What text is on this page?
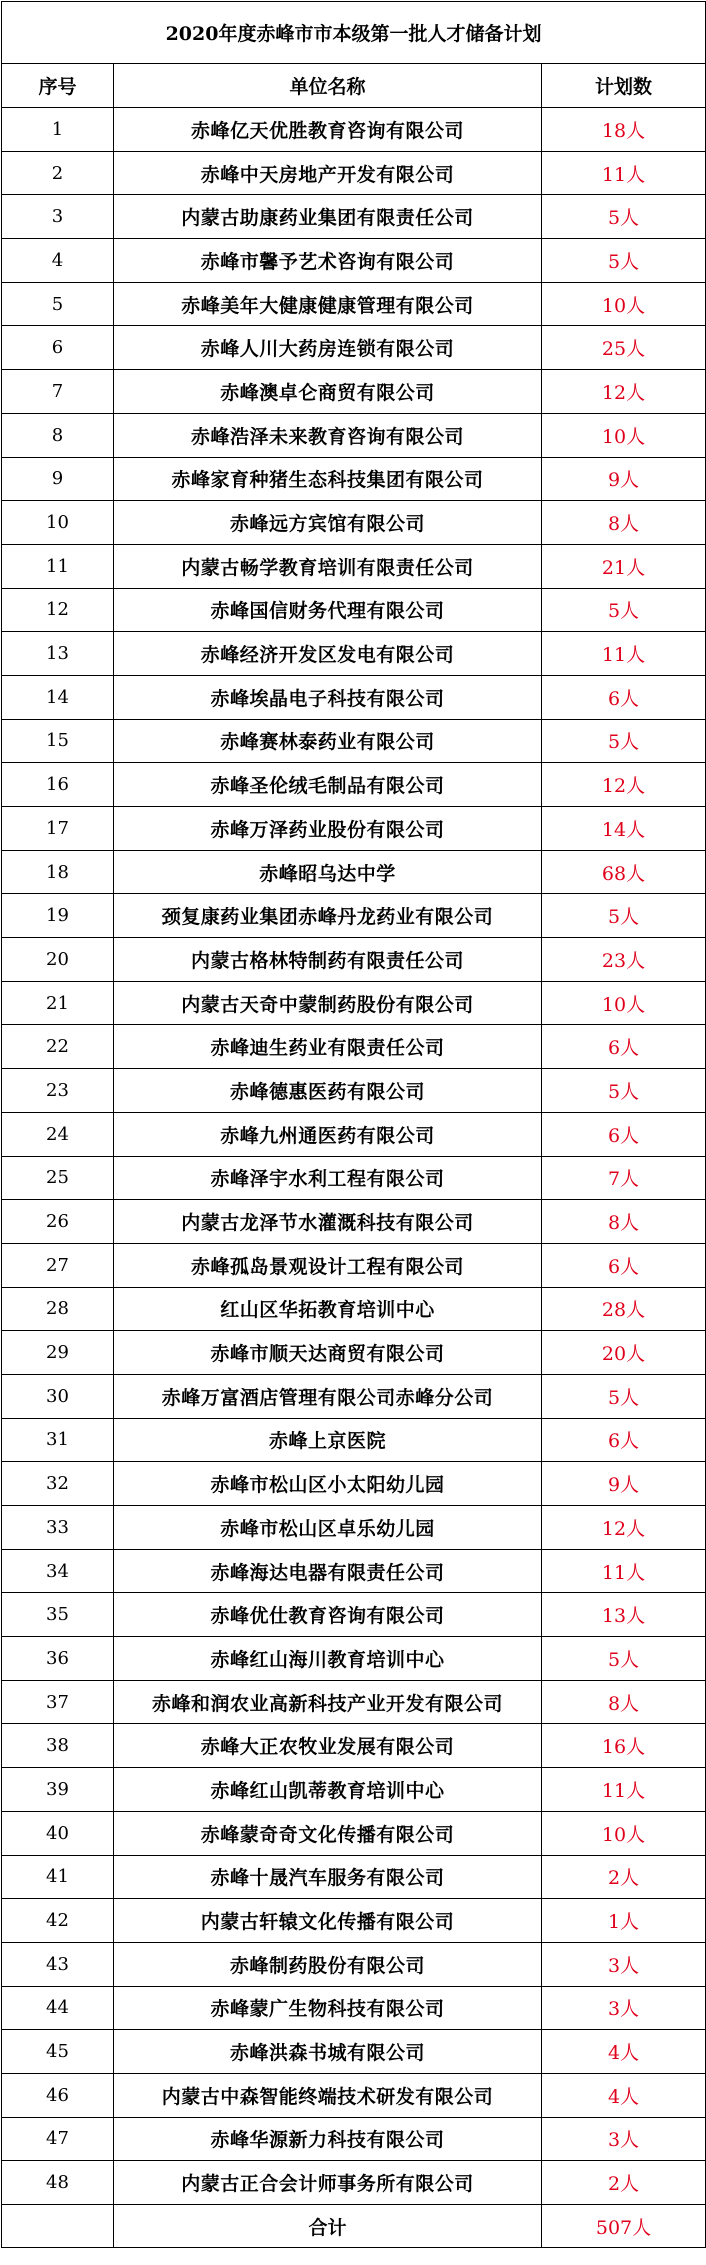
2020年度赤峰市市本级第一批人才储备计划		
序号	单位名称	计划数
1	赤峰亿天优胜教育咨询有限公司	18人
2	赤峰中天房地产开发有限公司	11人
3	内蒙古助康药业集团有限责任公司	5人
4	赤峰市馨予艺术咨询有限公司	5人
5	赤峰美年大健康健康管理有限公司	10人
6	赤峰人川大药房连锁有限公司	25人
7	赤峰澳卓仑商贸有限公司	12人
8	赤峰浩泽未来教育咨询有限公司	10人
9	赤峰家育种猪生态科技集团有限公司	9人
10	赤峰远方宾馆有限公司	8人
11	内蒙古畅学教育培训有限责任公司	21人
12	赤峰国信财务代理有限公司	5人
13	赤峰经济开发区发电有限公司	11人
14	赤峰埃晶电子科技有限公司	6人
15	赤峰赛林泰药业有限公司	5人
16	赤峰圣伦绒毛制品有限公司	12人
17	赤峰万泽药业股份有限公司	14人
18	赤峰昭乌达中学	68人
19	颈复康药业集团赤峰丹龙药业有限公司	5人
20	内蒙古格林特制药有限责任公司	23人
21	内蒙古天奇中蒙制药股份有限公司	10人
22	赤峰迪生药业有限责任公司	6人
23	赤峰德惠医药有限公司	5人
24	赤峰九州通医药有限公司	6人
25	赤峰泽宇水利工程有限公司	7人
26	内蒙古龙泽节水灌溉科技有限公司	8人
27	赤峰孤岛景观设计工程有限公司	6人
28	红山区华拓教育培训中心	28人
29	赤峰市顺天达商贸有限公司	20人
30	赤峰万富酒店管理有限公司赤峰分公司	5人
31	赤峰上京医院	6人
32	赤峰市松山区小太阳幼儿园	9人
33	赤峰市松山区卓乐幼儿园	12人
34	赤峰海达电器有限责任公司	11人
35	赤峰优仕教育咨询有限公司	13人
36	赤峰红山海川教育培训中心	5人
37	赤峰和润农业高新科技产业开发有限公司	8人
38	赤峰大正农牧业发展有限公司	16人
39	赤峰红山凯蒂教育培训中心	11人
40	赤峰蒙奇奇文化传播有限公司	10人
41	赤峰十晟汽车服务有限公司	2人
42	内蒙古轩辕文化传播有限公司	1人
43	赤峰制药股份有限公司	3人
44	赤峰蒙广生物科技有限公司	3人
45	赤峰洪森书城有限公司	4人
46	内蒙古中森智能终端技术研发有限公司	4人
47	赤峰华源新力科技有限公司	3人
48	内蒙古正合会计师事务所有限公司	2人
	合计	507人
